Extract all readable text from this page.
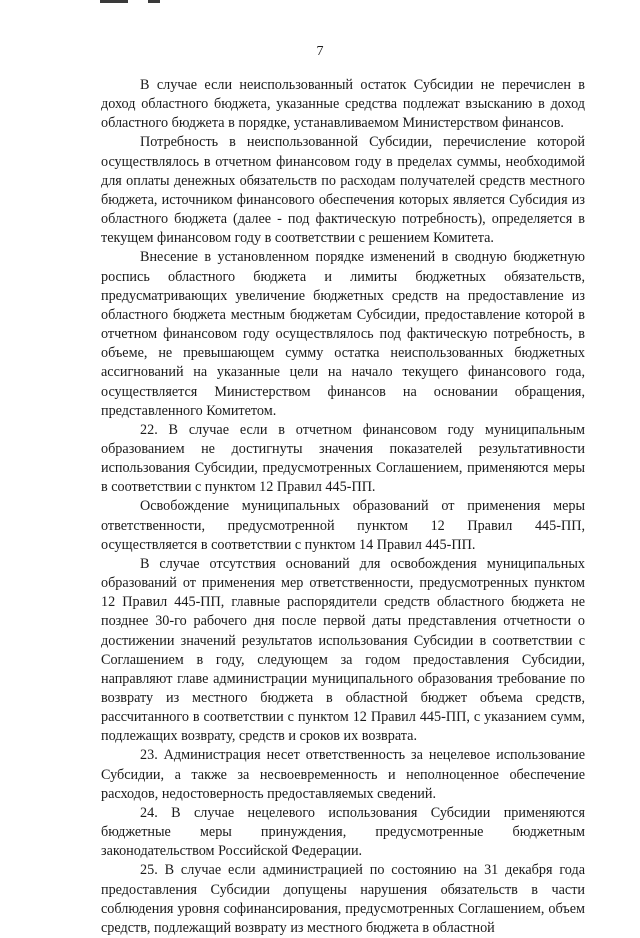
7

В случае если неиспользованный остаток Субсидии не перечислен в доход областного бюджета, указанные средства подлежат взысканию в доход областного бюджета в порядке, устанавливаемом Министерством финансов.

Потребность в неиспользованной Субсидии, перечисление которой осуществлялось в отчетном финансовом году в пределах суммы, необходимой для оплаты денежных обязательств по расходам получателей средств местного бюджета, источником финансового обеспечения которых является Субсидия из областного бюджета (далее - под фактическую потребность), определяется в текущем финансовом году в соответствии с решением Комитета.

Внесение в установленном порядке изменений в сводную бюджетную роспись областного бюджета и лимиты бюджетных обязательств, предусматривающих увеличение бюджетных средств на предоставление из областного бюджета местным бюджетам Субсидии, предоставление которой в отчетном финансовом году осуществлялось под фактическую потребность, в объеме, не превышающем сумму остатка неиспользованных бюджетных ассигнований на указанные цели на начало текущего финансового года, осуществляется Министерством финансов на основании обращения, представленного Комитетом.

22. В случае если в отчетном финансовом году муниципальным образованием не достигнуты значения показателей результативности использования Субсидии, предусмотренных Соглашением, применяются меры в соответствии с пунктом 12 Правил 445-ПП.

Освобождение муниципальных образований от применения меры ответственности, предусмотренной пунктом 12 Правил 445-ПП, осуществляется в соответствии с пунктом 14 Правил 445-ПП.

В случае отсутствия оснований для освобождения муниципальных образований от применения мер ответственности, предусмотренных пунктом 12 Правил 445-ПП, главные распорядители средств областного бюджета не позднее 30-го рабочего дня после первой даты представления отчетности о достижении значений результатов использования Субсидии в соответствии с Соглашением в году, следующем за годом предоставления Субсидии, направляют главе администрации муниципального образования требование по возврату из местного бюджета в областной бюджет объема средств, рассчитанного в соответствии с пунктом 12 Правил 445-ПП, с указанием сумм, подлежащих возврату, средств и сроков их возврата.

23. Администрация несет ответственность за нецелевое использование Субсидии, а также за несвоевременность и неполноценное обеспечение расходов, недостоверность предоставляемых сведений.

24. В случае нецелевого использования Субсидии применяются бюджетные меры принуждения, предусмотренные бюджетным законодательством Российской Федерации.

25. В случае если администрацией по состоянию на 31 декабря года предоставления Субсидии допущены нарушения обязательств в части соблюдения уровня софинансирования, предусмотренных Соглашением, объем средств, подлежащий возврату из местного бюджета в областной
